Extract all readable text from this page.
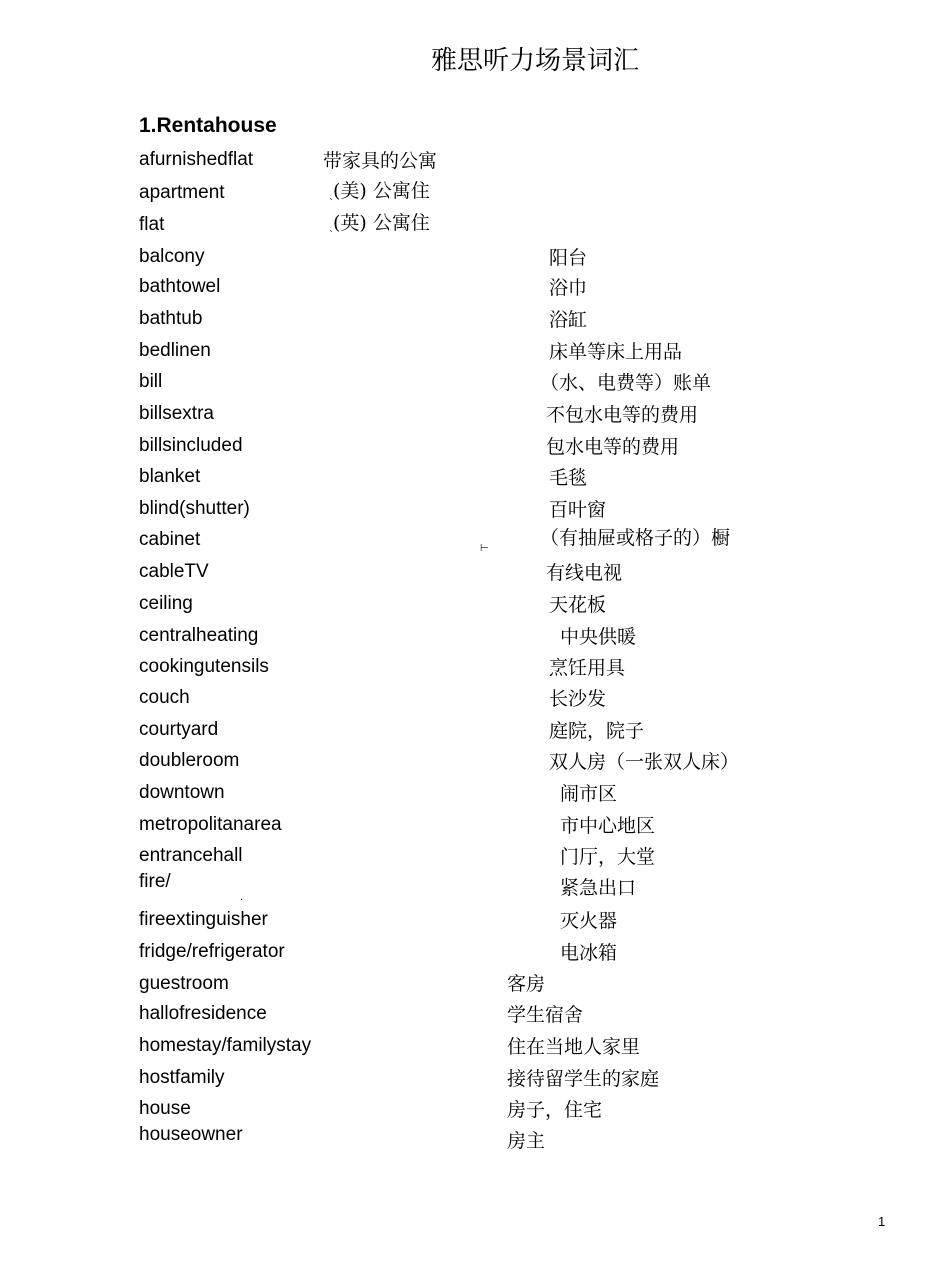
雅思听力场景词汇
1.Rentahouse
afurnishedflat	带家具的公寓
apartment	(美) 公寓住
flat	(英) 公寓住
balcony	阳台
bathtowel	浴巾
bathtub	浴缸
bedlinen	床单等床上用品
bill	（水、电费等）账单
billsextra	不包水电等的费用
billsincluded	包水电等的费用
blanket	毛毯
blind(shutter)	百叶窗
cabinet	（有抽屉或格子的）橱
cableTV	有线电视
ceiling	天花板
centralheating	中央供暖
cookingutensils	烹饪用具
couch	长沙发
courtyard	庭院，院子
doubleroom	双人房（一张双人床）
downtown	闹市区
metropolitanarea	市中心地区
entrancehall	门厅，大堂
fire/	紧急出口
fireextinguisher	灭火器
fridge/refrigerator	电冰箱
guestroom	客房
hallofresidence	学生宿舍
homestay/familystay	住在当地人家里
hostfamily	接待留学生的家庭
house	房子，住宅
houseowner	房主
`
`
⊢
.
1
